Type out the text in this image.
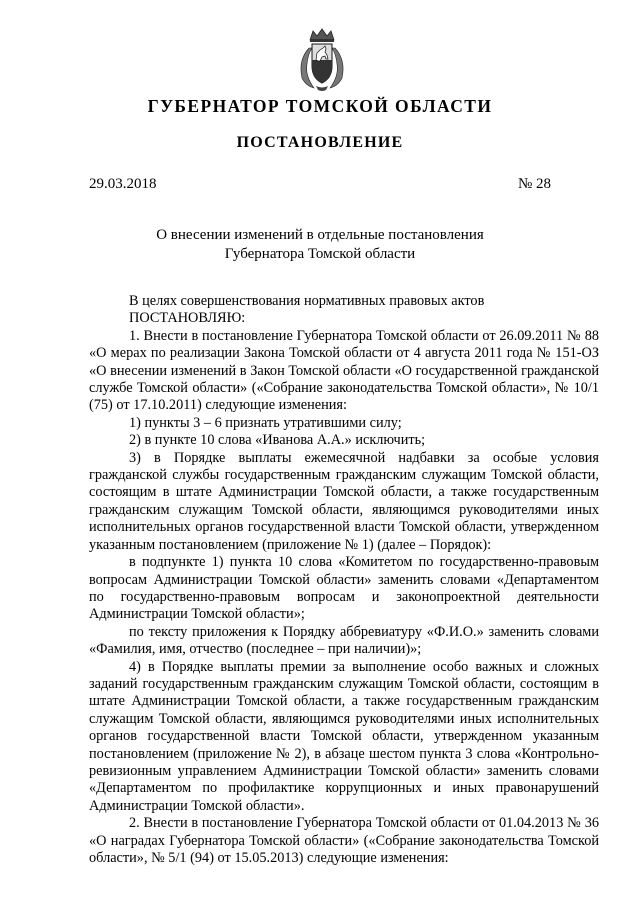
ГУБЕРНАТОР ТОМСКОЙ ОБЛАСТИ
ПОСТАНОВЛЕНИЕ
29.03.2018	№ 28
О внесении изменений в отдельные постановления
Губернатора Томской области

В целях совершенствования нормативных правовых актов

ПОСТАНОВЛЯЮ:

1. Внести в постановление Губернатора Томской области от 26.09.2011 № 88 «О мерах по реализации Закона Томской области от 4 августа 2011 года № 151-ОЗ «О внесении изменений в Закон Томской области «О государственной гражданской службе Томской области» («Собрание законодательства Томской области», № 10/1 (75) от 17.10.2011) следующие изменения:

1) пункты 3 – 6 признать утратившими силу;

2) в пункте 10 слова «Иванова А.А.» исключить;

3) в Порядке выплаты ежемесячной надбавки за особые условия гражданской службы государственным гражданским служащим Томской области, состоящим в штате Администрации Томской области, а также государственным гражданским служащим Томской области, являющимся руководителями иных исполнительных органов государственной власти Томской области, утвержденном указанным постановлением (приложение № 1) (далее – Порядок):

в подпункте 1) пункта 10 слова «Комитетом по государственно-правовым вопросам Администрации Томской области» заменить словами «Департаментом по государственно-правовым вопросам и законопроектной деятельности Администрации Томской области»;

по тексту приложения к Порядку аббревиатуру «Ф.И.О.» заменить словами «Фамилия, имя, отчество (последнее – при наличии)»;

4) в Порядке выплаты премии за выполнение особо важных и сложных заданий государственным гражданским служащим Томской области, состоящим в штате Администрации Томской области, а также государственным гражданским служащим Томской области, являющимся руководителями иных исполнительных органов государственной власти Томской области, утвержденном указанным постановлением (приложение № 2), в абзаце шестом пункта 3 слова «Контрольно-ревизионным управлением Администрации Томской области» заменить словами «Департаментом по профилактике коррупционных и иных правонарушений Администрации Томской области».

2. Внести в постановление Губернатора Томской области от 01.04.2013 № 36 «О наградах Губернатора Томской области» («Собрание законодательства Томской области», № 5/1 (94) от 15.05.2013) следующие изменения:
